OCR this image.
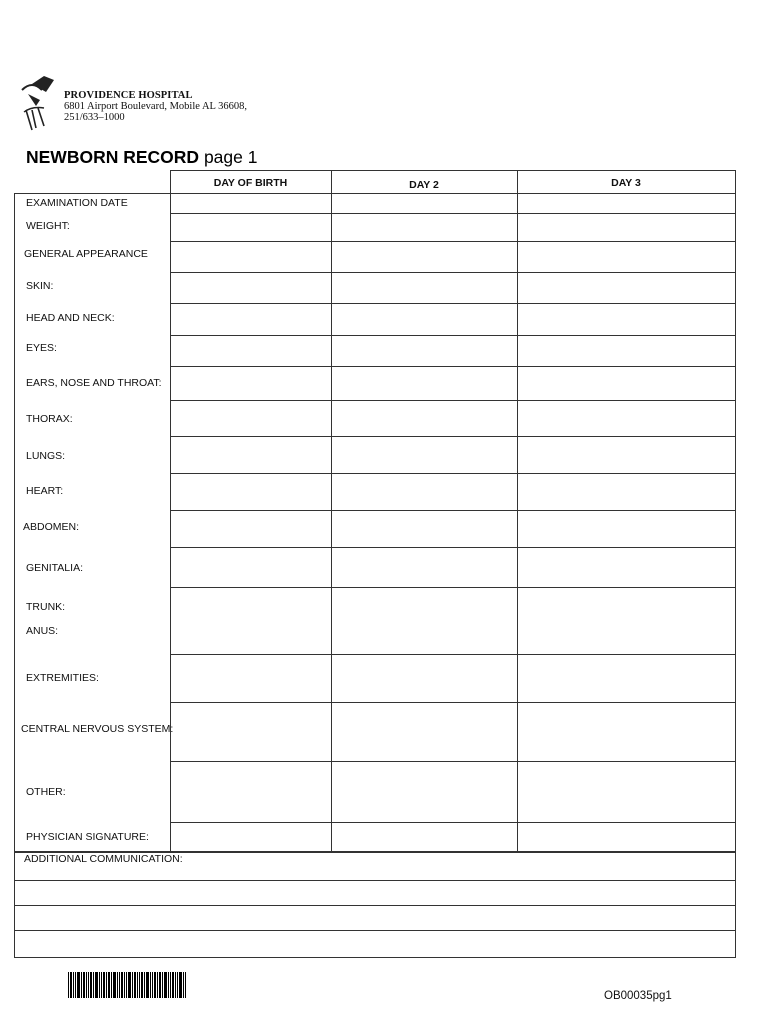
PROVIDENCE HOSPITAL
6801 Airport Boulevard, Mobile AL 36608,
251/633–1000
NEWBORN RECORD page 1
DAY OF BIRTH	DAY 2	DAY 3
EXAMINATION DATE
WEIGHT:
GENERAL APPEARANCE
SKIN:
HEAD AND NECK:
EYES:
EARS, NOSE AND THROAT:
THORAX:
LUNGS:
HEART:
ABDOMEN:
GENITALIA:
TRUNK:
ANUS:
EXTREMITIES:
CENTRAL NERVOUS SYSTEM:
OTHER:
PHYSICIAN SIGNATURE:
ADDITIONAL COMMUNICATION:
OB00035pg1
